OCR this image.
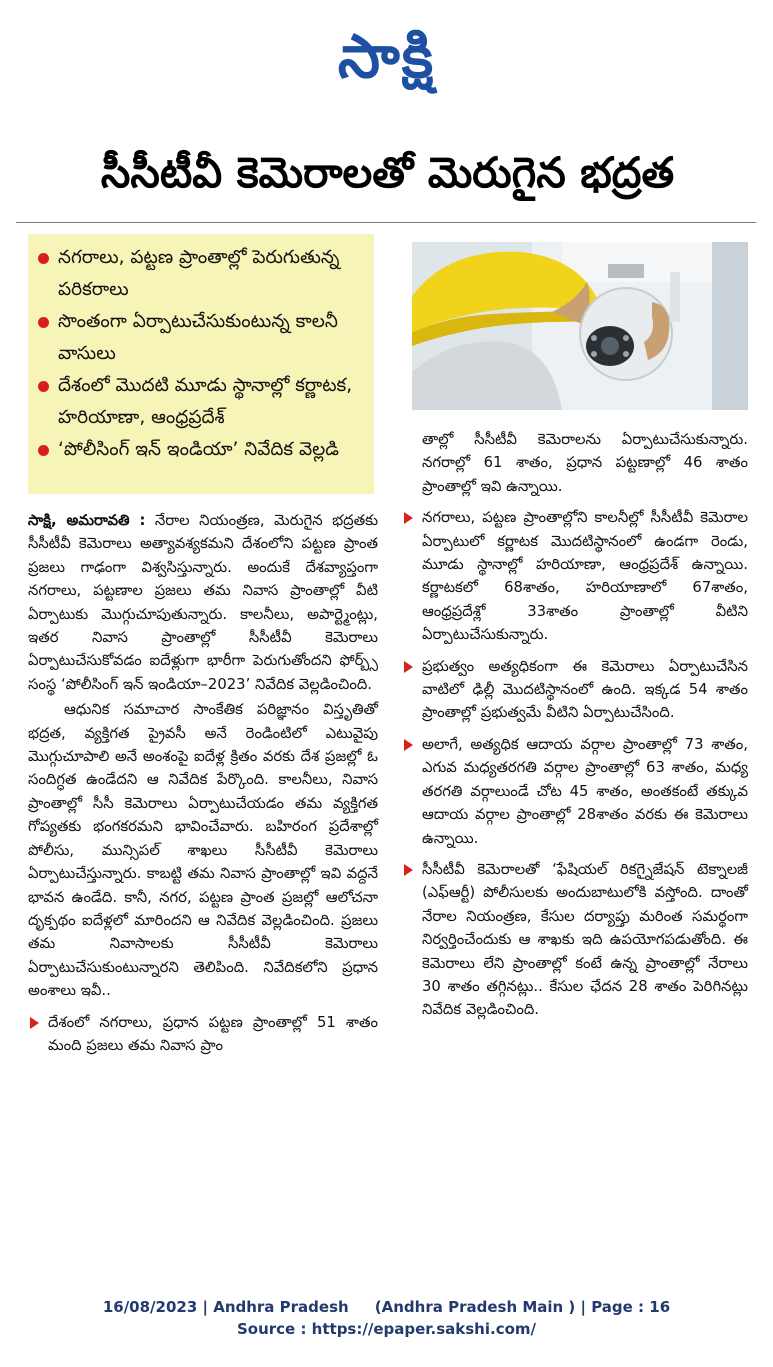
సాక్షి
సీసీటీవీ కెమెరాలతో మెరుగైన భద్రత
నగరాలు, పట్టణ ప్రాంతాల్లో పెరుగుతున్న పరికరాలు
సొంతంగా ఏర్పాటుచేసుకుంటున్న కాలనీ వాసులు
దేశంలో మొదటి మూడు స్థానాల్లో కర్ణాటక, హరియాణా, ఆంధ్రప్రదేశ్
‘పోలీసింగ్ ఇన్ ఇండియా’ నివేదిక వెల్లడి

సాక్షి, అమరావతి : నేరాల నియంత్రణ, మెరుగైన భద్రతకు సీసీటీవీ కెమెరాలు అత్యావశ్యకమని దేశంలోని పట్టణ ప్రాంత ప్రజలు గాఢంగా విశ్వసిస్తున్నారు. అందుకే దేశవ్యాప్తంగా నగరాలు, పట్టణాల ప్రజలు తమ నివాస ప్రాంతాల్లో వీటి ఏర్పాటుకు మొగ్గుచూపుతున్నారు. కాలనీలు, అపార్ట్మెంట్లు, ఇతర నివాస ప్రాంతాల్లో సీసీటీవీ కెమెరాలు ఏర్పాటుచేసుకోవడం ఐదేళ్లుగా భారీగా పెరుగుతోందని ఫోర్బ్స్ సంస్థ ‘పోలీసింగ్ ఇన్ ఇండియా–2023’ నివేదిక వెల్లడించింది.

ఆధునిక సమాచార సాంకేతిక పరిజ్ఞానం విస్తృతితో భద్రత, వ్యక్తిగత ప్రైవసీ అనే రెండింటిలో ఎటువైపు మొగ్గుచూపాలి అనే అంశంపై ఐదేళ్ల క్రితం వరకు దేశ ప్రజల్లో ఓ సందిగ్ధత ఉండేదని ఆ నివేదిక పేర్కొంది. కాలనీలు, నివాస ప్రాంతాల్లో సీసీ కెమెరాలు ఏర్పాటుచేయడం తమ వ్యక్తిగత గోప్యతకు భంగకరమని భావించేవారు. బహిరంగ ప్రదేశాల్లో పోలీసు, మున్సిపల్ శాఖలు సీసీటీవీ కెమెరాలు ఏర్పాటుచేస్తున్నారు. కాబట్టి తమ నివాస ప్రాంతాల్లో ఇవి వద్దనే భావన ఉండేది. కానీ, నగర, పట్టణ ప్రాంత ప్రజల్లో ఆలోచనా దృక్పథం ఐదేళ్లలో మారిందని ఆ నివేదిక వెల్లడించింది. ప్రజలు తమ నివాసాలకు సీసీటీవీ కెమెరాలు ఏర్పాటుచేసుకుంటున్నారని తెలిపింది. నివేదికలోని ప్రధాన అంశాలు ఇవీ..

దేశంలో నగరాలు, ప్రధాన పట్టణ ప్రాంతాల్లో 51 శాతం మంది ప్రజలు తమ నివాస ప్రాం

తాల్లో సీసీటీవీ కెమెరాలను ఏర్పాటుచేసుకున్నారు. నగరాల్లో 61 శాతం, ప్రధాన పట్టణాల్లో 46 శాతం ప్రాంతాల్లో ఇవి ఉన్నాయి.

నగరాలు, పట్టణ ప్రాంతాల్లోని కాలనీల్లో సీసీటీవీ కెమెరాల ఏర్పాటులో కర్ణాటక మొదటిస్థానంలో ఉండగా రెండు, మూడు స్థానాల్లో హరియాణా, ఆంధ్రప్రదేశ్ ఉన్నాయి. కర్ణాటకలో 68శాతం, హరియాణాలో 67శాతం, ఆంధ్రప్రదేశ్లో 33శాతం ప్రాంతాల్లో వీటిని ఏర్పాటుచేసుకున్నారు.

ప్రభుత్వం అత్యధికంగా ఈ కెమెరాలు ఏర్పాటుచేసిన వాటిలో ఢిల్లీ మొదటిస్థానంలో ఉంది. ఇక్కడ 54 శాతం ప్రాంతాల్లో ప్రభుత్వమే వీటిని ఏర్పాటుచేసింది.

అలాగే, అత్యధిక ఆదాయ వర్గాల ప్రాంతాల్లో 73 శాతం, ఎగువ మధ్యతరగతి వర్గాల ప్రాంతాల్లో 63 శాతం, మధ్య తరగతి వర్గాలుండే చోట 45 శాతం, అంతకంటే తక్కువ ఆదాయ వర్గాల ప్రాంతాల్లో 28శాతం వరకు ఈ కెమెరాలు ఉన్నాయి.

సీసీటీవీ కెమెరాలతో ‘ఫేషియల్ రికగ్నైజేషన్ టెక్నాలజీ (ఎఫ్ఆర్టీ) పోలీసులకు అందుబాటులోకి వస్తోంది. దాంతో నేరాల నియంత్రణ, కేసుల దర్యాప్తు మరింత సమర్థంగా నిర్వర్తించేందుకు ఆ శాఖకు ఇది ఉపయోగపడుతోంది. ఈ కెమెరాలు లేని ప్రాంతాల్లో కంటే ఉన్న ప్రాంతాల్లో నేరాలు 30 శాతం తగ్గినట్లు.. కేసుల ఛేదన 28 శాతం పెరిగినట్లు నివేదిక వెల్లడించింది.

16/08/2023 | Andhra Pradesh     (Andhra Pradesh Main ) | Page : 16
Source : https://epaper.sakshi.com/
